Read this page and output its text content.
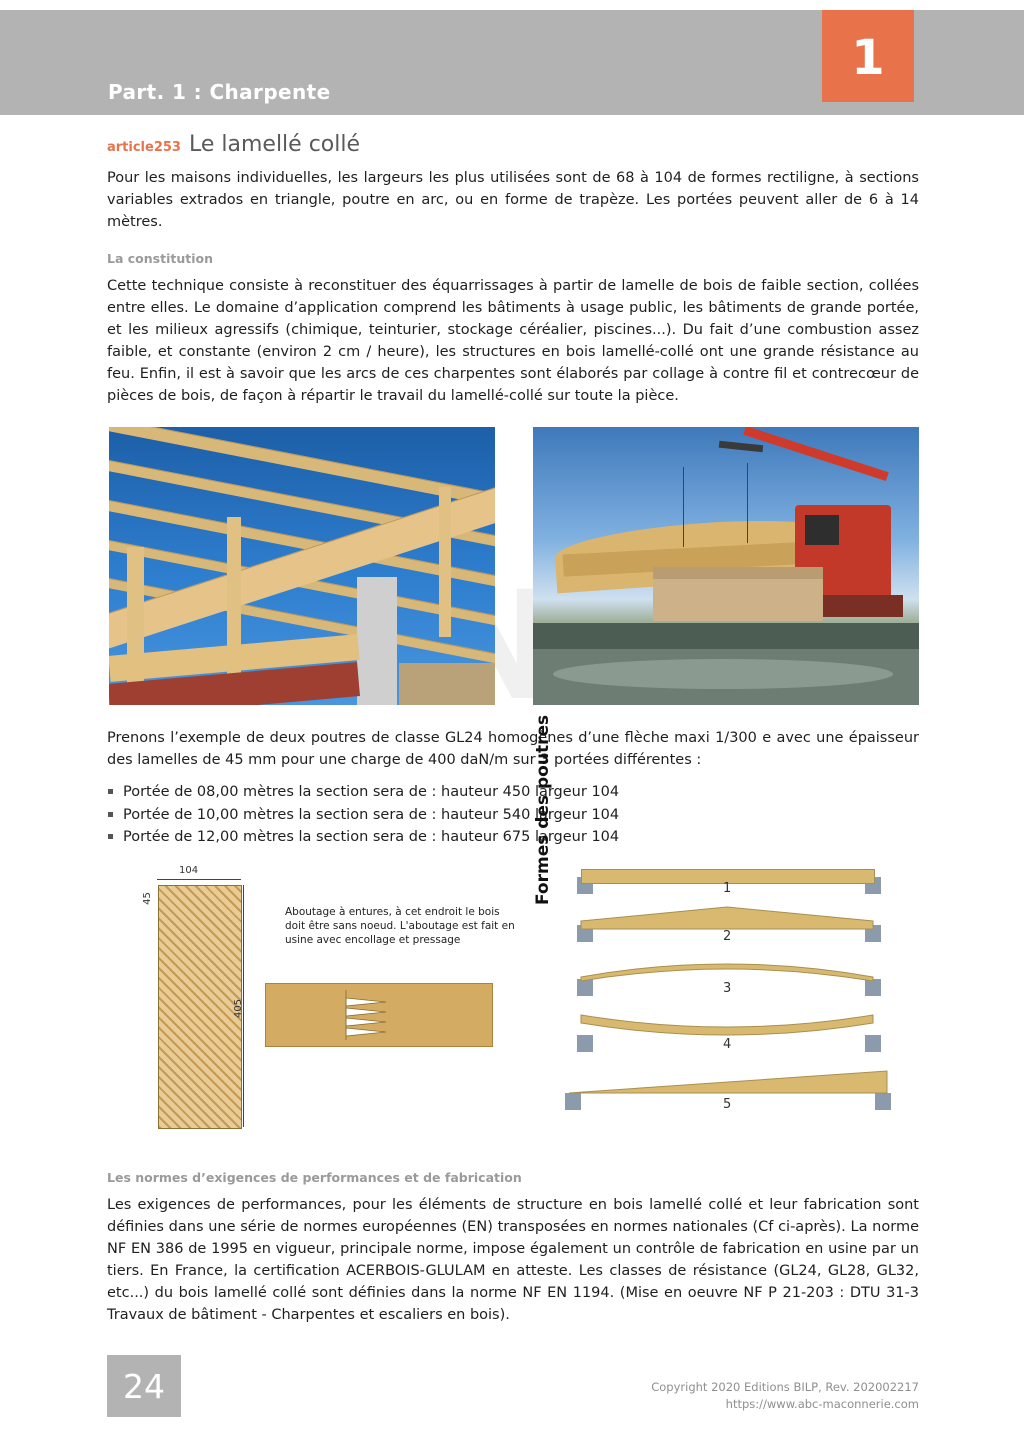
Part. 1 : Charpente
1
SUNDIY
article253 Le lamellé collé

Pour les maisons individuelles, les largeurs les plus utilisées sont de 68 à 104 de formes rectiligne, à sections variables extrados en triangle, poutre en arc, ou en forme de trapèze. Les portées peuvent aller de 6 à 14 mètres.

La constitution

Cette technique consiste à reconstituer des équarrissages à partir de lamelle de bois de faible section, collées entre elles. Le domaine d’application comprend les bâtiments à usage public, les bâtiments de grande portée, et les milieux agressifs (chimique, teinturier, stockage céréalier, piscines...). Du fait d’une combustion assez faible, et constante (environ 2 cm / heure), les structures en bois lamellé-collé ont une grande résistance au feu. Enfin, il est à savoir que les arcs de ces charpentes sont élaborés par collage à contre fil et contrecœur de pièces de bois, de façon à répartir le travail du lamellé-collé sur toute la pièce.

Prenons l’exemple de deux poutres de classe GL24 homogènes d’une flèche maxi 1/300 e avec une épaisseur des lamelles de 45 mm pour une charge de 400 daN/m sur 3 portées différentes :

Portée de 08,00 mètres la section sera de : hauteur 450 largeur 104
Portée de 10,00 mètres la section sera de : hauteur 540 largeur 104
Portée de 12,00 mètres la section sera de : hauteur 675 largeur 104
104
45
405
Aboutage à entures, à cet endroit le bois doit être sans noeud. L'aboutage est fait en usine avec encollage et pressage
Formes des poutres	1
2
3
4
5
Les normes d’exigences de performances et de fabrication

Les exigences de performances, pour les éléments de structure en bois lamellé collé et leur fabrication sont définies dans une série de normes européennes (EN) transposées en normes nationales (Cf ci-après). La norme NF EN 386 de 1995 en vigueur, principale norme, impose également un contrôle de fabrication en usine par un tiers. En France, la certification ACERBOIS-GLULAM en atteste. Les classes de résistance (GL24, GL28, GL32, etc...) du bois lamellé collé sont définies dans la norme NF EN 1194. (Mise en oeuvre NF P 21-203 : DTU 31-3 Travaux de bâtiment - Charpentes et escaliers en bois).

24	Copyright 2020 Editions BILP, Rev. 202002217
https://www.abc-maconnerie.com
